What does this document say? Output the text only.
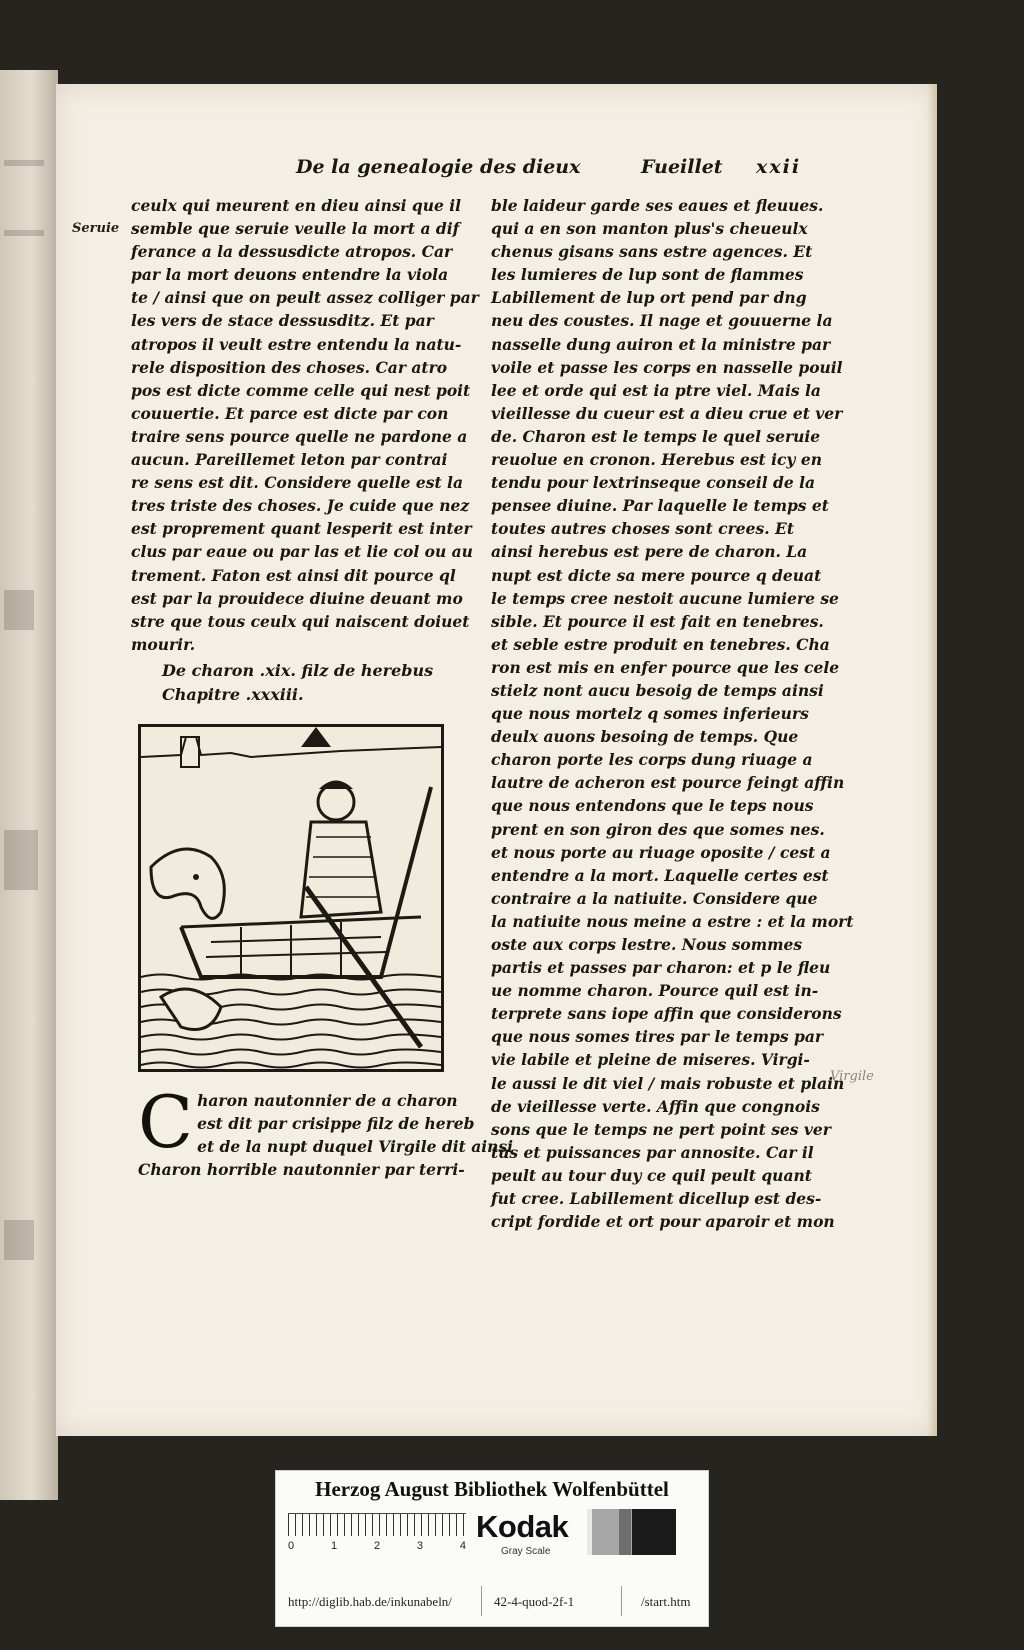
De la genealogie des dieux	Fueillet xxii
Seruie
Virgile
ceulx qui meurent en dieu ainsi que il
semble que seruie veulle la mort a dif
ferance a la dessusdicte atropos. Car
par la mort deuons entendre la viola
te / ainsi que on peult assez colliger par
les vers de stace dessusditz. Et par
atropos il veult estre entendu la natu-
rele disposition des choses. Car atro
pos est dicte comme celle qui nest poit
couuertie. Et parce est dicte par con
traire sens pource quelle ne pardone a
aucun. Pareillemet leton par contrai
re sens est dit. Considere quelle est la
tres triste des choses. Je cuide que nez
est proprement quant lesperit est inter
clus par eaue ou par las et lie col ou au
trement. Faton est ainsi dit pource ql
est par la prouidece diuine deuant mo
stre que tous ceulx qui naiscent doiuet
mourir.
De charon .xix. filz de herebus
Chapitre .xxxiii.
C haron nautonnier de a charon
est dit par crisippe filz de hereb
et de la nupt duquel Virgile dit ainsi
Charon horrible nautonnier par terri-
ble laideur garde ses eaues et fleuues.
qui a en son manton plus's cheueulx
chenus gisans sans estre agences. Et
les lumieres de lup sont de flammes
Labillement de lup ort pend par dng
neu des coustes. Il nage et gouuerne la
nasselle dung auiron et la ministre par
voile et passe les corps en nasselle pouil
lee et orde qui est ia ptre viel. Mais la
vieillesse du cueur est a dieu crue et ver
de. Charon est le temps le quel seruie
reuolue en cronon. Herebus est icy en
tendu pour lextrinseque conseil de la
pensee diuine. Par laquelle le temps et
toutes autres choses sont crees. Et
ainsi herebus est pere de charon. La
nupt est dicte sa mere pource q deuat
le temps cree nestoit aucune lumiere se
sible. Et pource il est fait en tenebres.
et seble estre produit en tenebres. Cha
ron est mis en enfer pource que les cele
stielz nont aucu besoig de temps ainsi
que nous mortelz q somes inferieurs
deulx auons besoing de temps. Que
charon porte les corps dung riuage a
lautre de acheron est pource feingt affin
que nous entendons que le teps nous
prent en son giron des que somes nes.
et nous porte au riuage oposite / cest a
entendre a la mort. Laquelle certes est
contraire a la natiuite. Considere que
la natiuite nous meine a estre : et la mort
oste aux corps lestre. Nous sommes
partis et passes par charon: et p le fleu
ue nomme charon. Pource quil est in-
terprete sans iope affin que considerons
que nous somes tires par le temps par
vie labile et pleine de miseres. Virgi-
le aussi le dit viel / mais robuste et plain
de vieillesse verte. Affin que congnois
sons que le temps ne pert point ses ver
tus et puissances par annosite. Car il
peult au tour duy ce quil peult quant
fut cree. Labillement dicellup est des-
cript fordide et ort pour aparoir et mon
Herzog August Bibliothek Wolfenbüttel
0	1	2	3	4
Kodak
Gray Scale
http://diglib.hab.de/inkunabeln/	42-4-quod-2f-1	/start.htm
